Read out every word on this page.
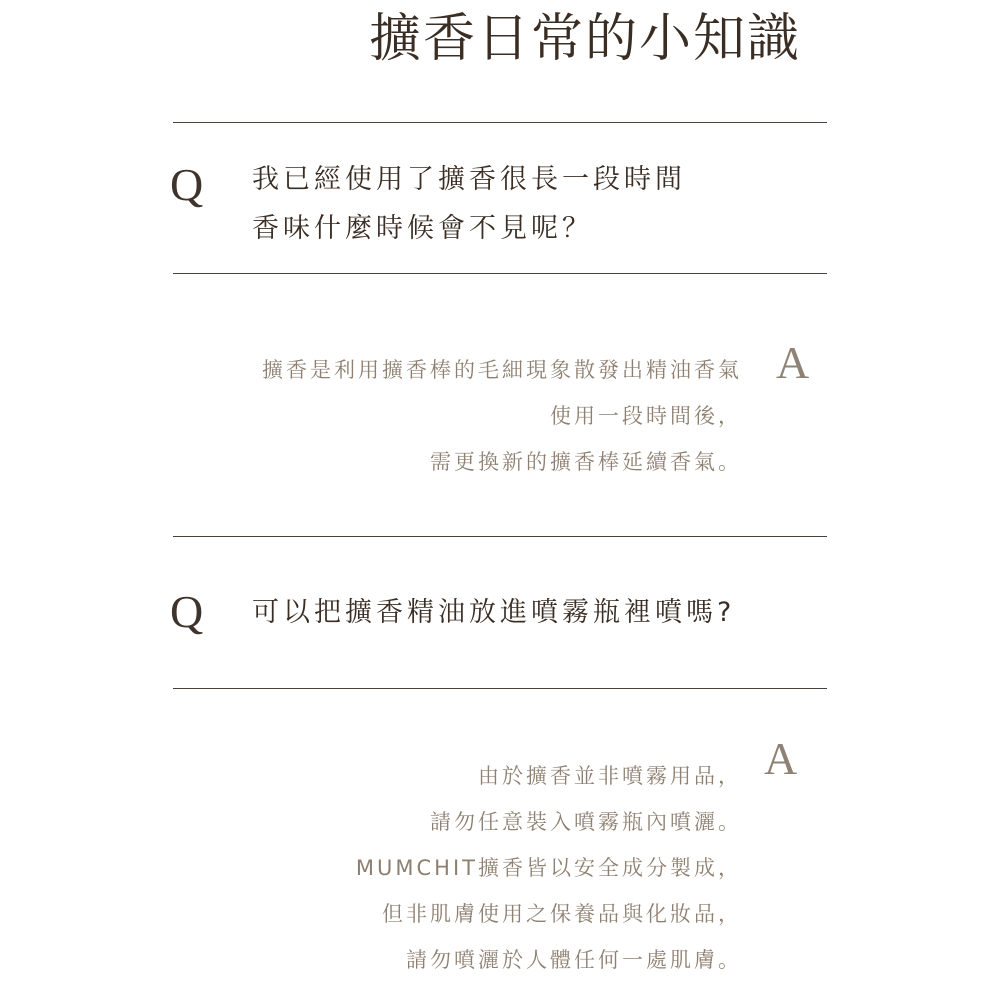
擴香日常的小知識
Q 我已經使用了擴香很長一段時間
香味什麼時候會不見呢？
A
擴香是利用擴香棒的毛細現象散發出精油香氣
使用一段時間後，
需更換新的擴香棒延續香氣。
Q 可以把擴香精油放進噴霧瓶裡噴嗎?
A
由於擴香並非噴霧用品，
請勿任意裝入噴霧瓶內噴灑。
MUMCHIT擴香皆以安全成分製成，
但非肌膚使用之保養品與化妝品，
請勿噴灑於人體任何一處肌膚。
